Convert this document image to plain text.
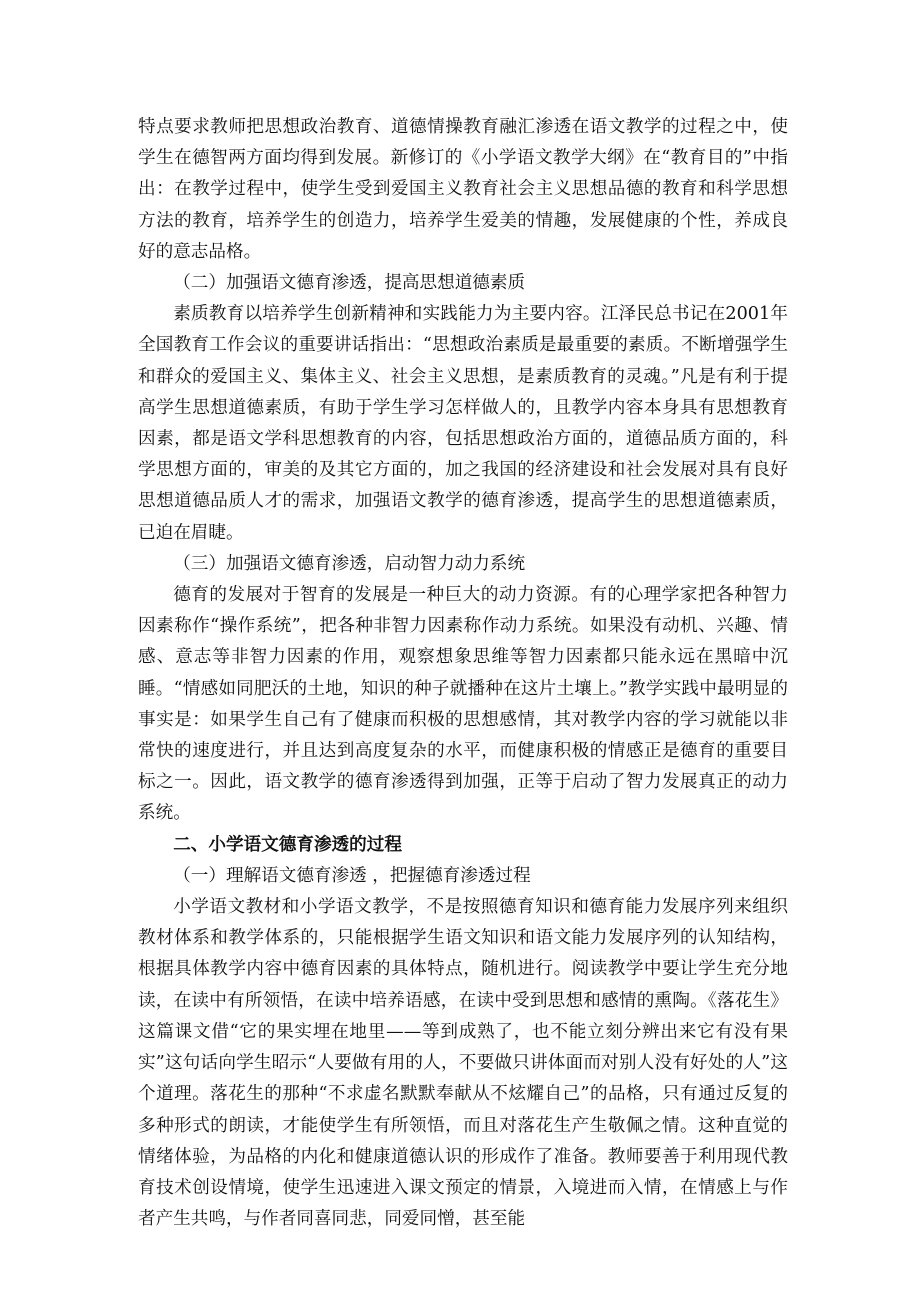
特点要求教师把思想政治教育、道德情操教育融汇渗透在语文教学的过程之中，使学生在德智两方面均得到发展。新修订的《小学语文教学大纲》在“教育目的”中指出：在教学过程中，使学生受到爱国主义教育社会主义思想品德的教育和科学思想方法的教育，培养学生的创造力，培养学生爱美的情趣，发展健康的个性，养成良好的意志品格。

（二）加强语文德育渗透，提高思想道德素质

素质教育以培养学生创新精神和实践能力为主要内容。江泽民总书记在2001年全国教育工作会议的重要讲话指出：“思想政治素质是最重要的素质。不断增强学生和群众的爱国主义、集体主义、社会主义思想，是素质教育的灵魂。”凡是有利于提高学生思想道德素质，有助于学生学习怎样做人的，且教学内容本身具有思想教育因素，都是语文学科思想教育的内容，包括思想政治方面的，道德品质方面的，科学思想方面的，审美的及其它方面的，加之我国的经济建设和社会发展对具有良好思想道德品质人才的需求，加强语文教学的德育渗透，提高学生的思想道德素质，已迫在眉睫。

（三）加强语文德育渗透，启动智力动力系统

德育的发展对于智育的发展是一种巨大的动力资源。有的心理学家把各种智力因素称作“操作系统”，把各种非智力因素称作动力系统。如果没有动机、兴趣、情感、意志等非智力因素的作用，观察想象思维等智力因素都只能永远在黑暗中沉睡。“情感如同肥沃的土地，知识的种子就播种在这片土壤上。”教学实践中最明显的事实是：如果学生自己有了健康而积极的思想感情，其对教学内容的学习就能以非常快的速度进行，并且达到高度复杂的水平，而健康积极的情感正是德育的重要目标之一。因此，语文教学的德育渗透得到加强，正等于启动了智力发展真正的动力系统。

二、小学语文德育渗透的过程

（一）理解语文德育渗透 ，把握德育渗透过程

小学语文教材和小学语文教学，不是按照德育知识和德育能力发展序列来组织教材体系和教学体系的，只能根据学生语文知识和语文能力发展序列的认知结构，根据具体教学内容中德育因素的具体特点，随机进行。阅读教学中要让学生充分地读，在读中有所领悟，在读中培养语感，在读中受到思想和感情的熏陶。《落花生》这篇课文借“它的果实埋在地里——等到成熟了，也不能立刻分辨出来它有没有果实”这句话向学生昭示“人要做有用的人，不要做只讲体面而对别人没有好处的人”这个道理。落花生的那种“不求虚名默默奉献从不炫耀自己”的品格，只有通过反复的多种形式的朗读，才能使学生有所领悟，而且对落花生产生敬佩之情。这种直觉的情绪体验，为品格的内化和健康道德认识的形成作了准备。教师要善于利用现代教育技术创设情境，使学生迅速进入课文预定的情景，入境进而入情，在情感上与作者产生共鸣，与作者同喜同悲，同爱同憎，甚至能
